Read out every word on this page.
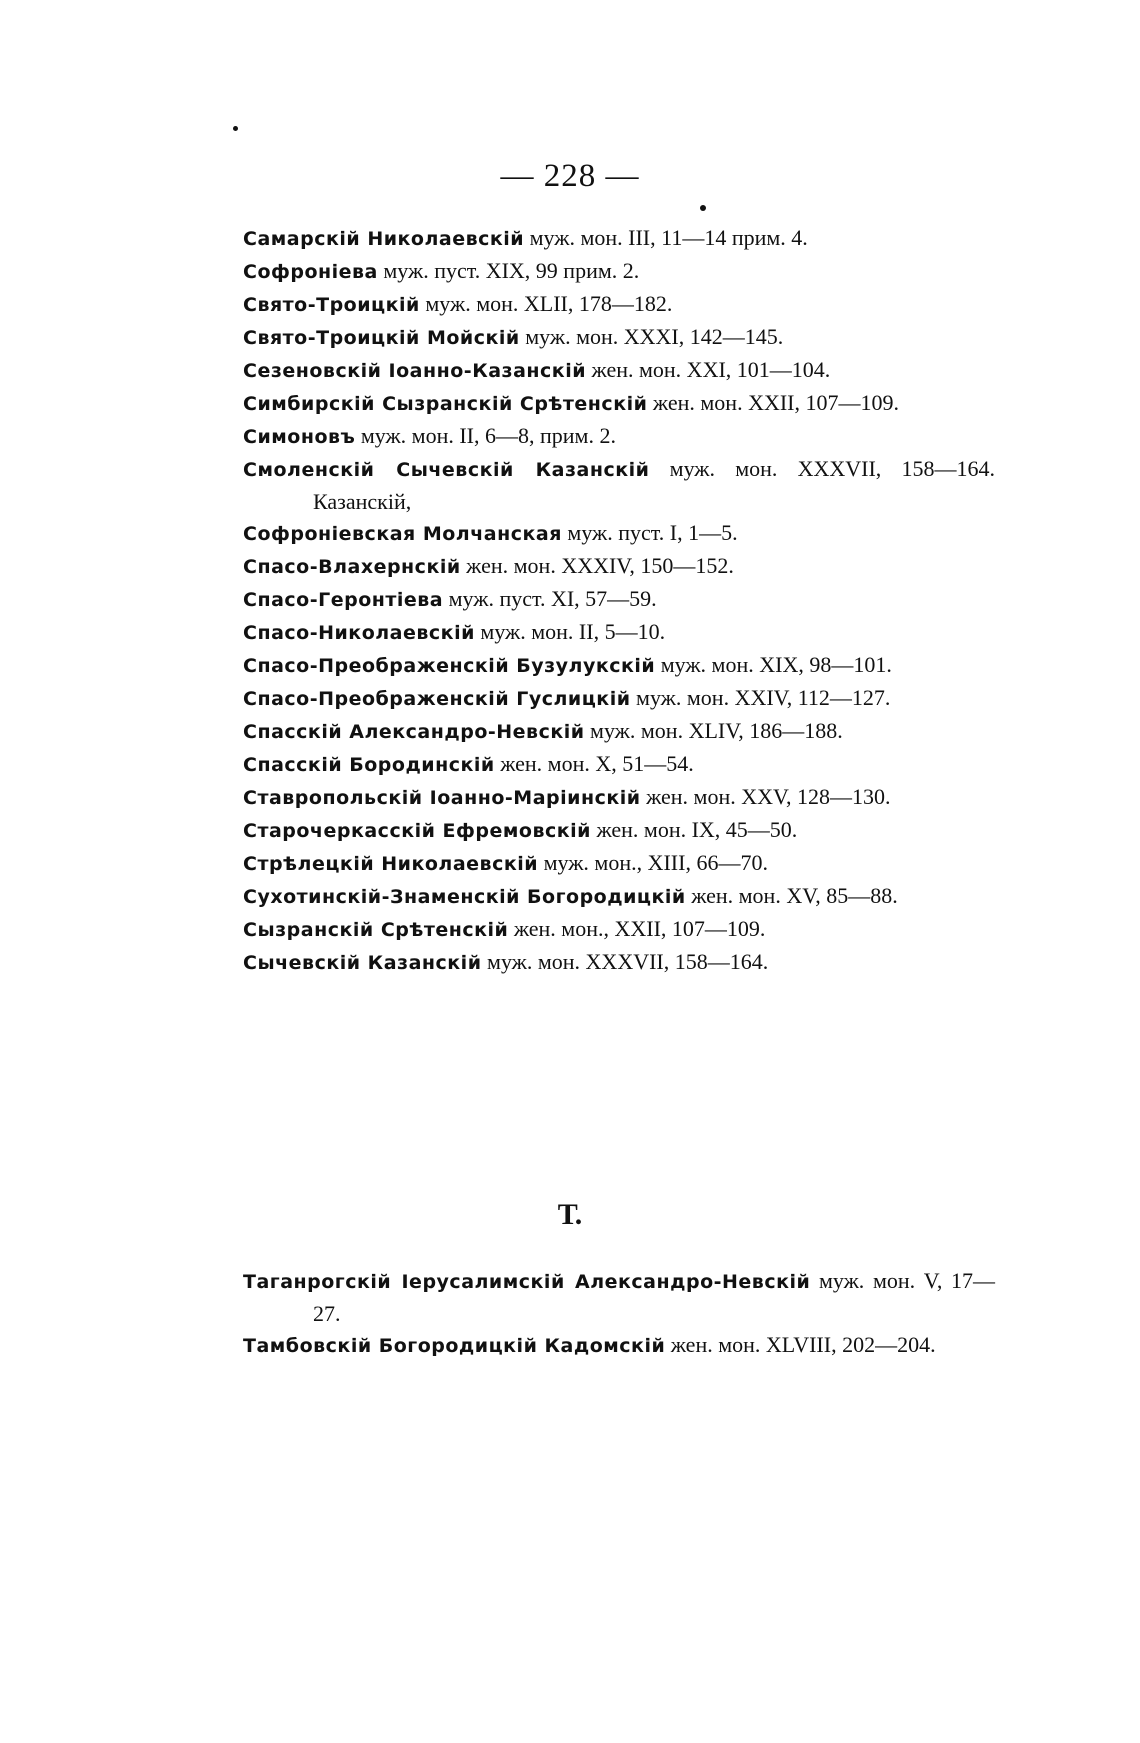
— 228 —

Самарскій Николаевскій муж. мон. III, 11—14 прим. 4.

Софроніева муж. пуст. XIX, 99 прим. 2.

Свято-Троицкій муж. мон. XLII, 178—182.

Свято-Троицкій Мойскій муж. мон. XXXI, 142—145.

Сезеновскій Іоанно-Казанскій жен. мон. XXI, 101—104.

Симбирскій Сызранскій Срѣтенскій жен. мон. XXII, 107—109.

Симоновъ муж. мон. II, 6—8, прим. 2.

Смоленскій Сычевскій Казанскій муж. мон. XXXVII, 158—164. Казанскій,

Софроніевская Молчанская муж. пуст. I, 1—5.

Спасо-Влахернскій жен. мон. XXXIV, 150—152.

Спасо-Геронтіева муж. пуст. XI, 57—59.

Спасо-Николаевскій муж. мон. II, 5—10.

Спасо-Преображенскій Бузулукскій муж. мон. XIX, 98—101.

Спасо-Преображенскій Гуслицкій муж. мон. XXIV, 112—127.

Спасскій Александро-Невскій муж. мон. XLIV, 186—188.

Спасскій Бородинскій жен. мон. X, 51—54.

Ставропольскій Іоанно-Маріинскій жен. мон. XXV, 128—130.

Старочеркасскій Ефремовскій жен. мон. IX, 45—50.

Стрѣлецкій Николаевскій муж. мон., XIII, 66—70.

Сухотинскій-Знаменскій Богородицкій жен. мон. XV, 85—88.

Сызранскій Срѣтенскій жен. мон., XXII, 107—109.

Сычевскій Казанскій муж. мон. XXXVII, 158—164.

Т.

Таганрогскій Іерусалимскій Александро-Невскій муж. мон. V, 17—27.

Тамбовскій Богородицкій Кадомскій жен. мон. XLVIII, 202—204.
